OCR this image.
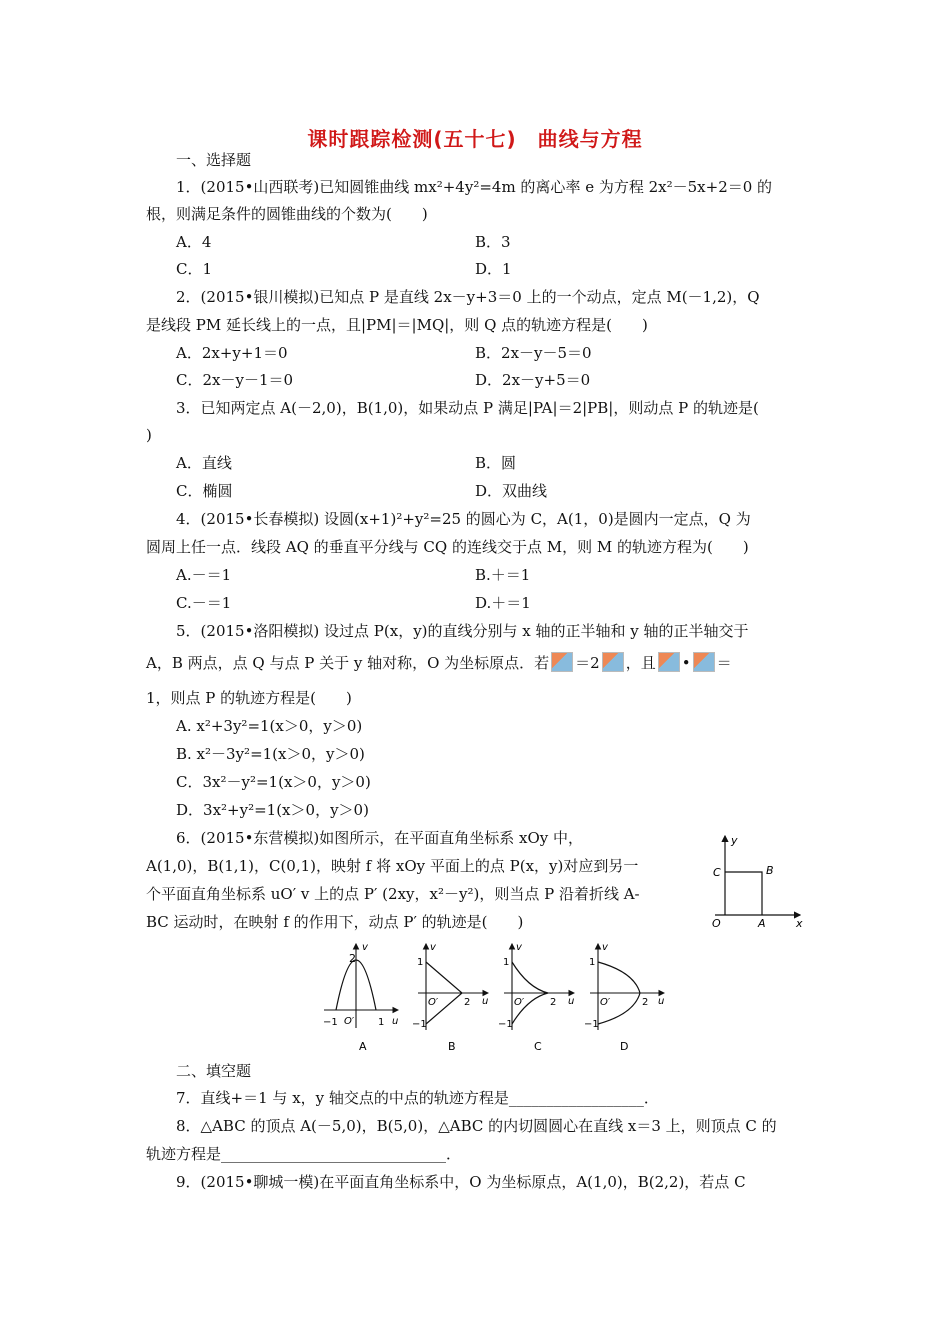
课时跟踪检测(五十七)　曲线与方程
一、选择题
1．(2015•山西联考)已知圆锥曲线 mx²+4y²=4m 的离心率 e 为方程 2x²－5x+2＝0 的
根，则满足条件的圆锥曲线的个数为(　　)
A．4	B．3
C．1	D．1
2．(2015•银川模拟)已知点 P 是直线 2x－y+3＝0 上的一个动点，定点 M(－1,2)，Q
是线段 PM 延长线上的一点，且|PM|＝|MQ|，则 Q 点的轨迹方程是(　　)
A．2x+y+1＝0	B．2x－y－5＝0
C．2x－y－1＝0	D．2x－y+5＝0
3．已知两定点 A(－2,0)，B(1,0)，如果动点 P 满足|PA|＝2|PB|，则动点 P 的轨迹是(
)
A．直线	B．圆
C．椭圆	D．双曲线
4．(2015•长春模拟) 设圆(x+1)²+y²=25 的圆心为 C，A(1，0)是圆内一定点，Q 为
圆周上任一点．线段 AQ 的垂直平分线与 CQ 的连线交于点 M，则 M 的轨迹方程为(　　)
A.－＝1	B.＋＝1
C.－＝1	D.＋＝1
5．(2015•洛阳模拟) 设过点 P(x，y)的直线分别与 x 轴的正半轴和 y 轴的正半轴交于
A，B 两点，点 Q 与点 P 关于 y 轴对称，O 为坐标原点．若 ＝2 ，且 • ＝
1，则点 P 的轨迹方程是(　　)
A. x²+3y²=1(x＞0，y＞0)
B. x²－3y²=1(x＞0，y＞0)
C．3x²－y²=1(x＞0，y＞0)
D．3x²+y²=1(x＞0，y＞0)
6．(2015•东营模拟)如图所示，在平面直角坐标系 xOy 中，
A(1,0)，B(1,1)，C(0,1)，映射 f 将 xOy 平面上的点 P(x，y)对应到另一
个平面直角坐标系 uO′ v 上的点 P′ (2xy，x²－y²)，则当点 P 沿着折线 A-
BC 运动时，在映射 f 的作用下，动点 P′ 的轨迹是(　　)
y
x
O	A
B
C
v
u
2
−1 O′ 1
A
v
u
1
O′	2
−1
B
v
u
1
O′	2
−1
C
v
u
1
O′	2
−1
D
二、填空题
7．直线+＝1 与 x，y 轴交点的中点的轨迹方程是__________________．
8．△ABC 的顶点 A(－5,0)，B(5,0)，△ABC 的内切圆圆心在直线 x＝3 上，则顶点 C 的
轨迹方程是______________________________．
9．(2015•聊城一模)在平面直角坐标系中，O 为坐标原点，A(1,0)，B(2,2)，若点 C
